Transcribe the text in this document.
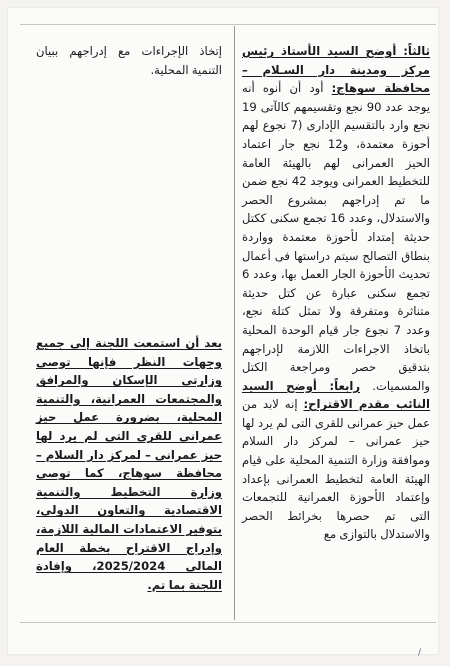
ثالثاً: أوضح السيد الأستاذ رئيس مركز ومدينة دار السـلام – محافظة سوهاج: أود أن أنوه أنه يوجد عدد 90 نجع وتقسيمهم كالآتى 19 نجع وارد بالتقسيم الإدارى (7 نجوع لهم أحوزة معتمدة، و12 نجع جار اعتماد الحيز العمرانى لهم بالهيئة العامة للتخطيط العمرانى ويوجد 42 نجع ضمن ما تم إدراجهم بمشروع الحصر والاستدلال، وعدد 16 تجمع سكنى ككتل حديثة إمتداد لأحوزة معتمدة وواردة بنطاق التصالح سيتم دراستها فى أعمال تحديث الأحوزة الجار العمل بها، وعدد 6 تجمع سكنى عبارة عن كتل حديثة متناثرة ومتفرقة ولا تمثل كتلة نجع، وعدد 7 نجوع جار قيام الوحدة المحلية باتخاذ الاجراءات اللازمة لإدراجهم بتدقيق حصر ومراجعة الكتل والمسميات. رابعاً: أوضح السيد النائب مقدم الاقتراح: إنه لابد من عمل حيز عمرانى للقرى التى لم يرد لها حيز عمرانى – لمركز دار السلام وموافقة وزارة التنمية المحلية على قيام الهيئة العامة لتخطيط العمرانى بإعداد وإعتماد الأحوزة العمرانية للتجمعات التى تم حصرها بخرائط الحصر والاستدلال بالتوازى مع
إتخاذ الإجراءات مع إدراجهم ببيان التنمية المحلية.
بعد أن استمعت اللجنة إلى جميع وجهات النظر فإنها توصى وزارتى الإسكان والمرافق والمجتمعات العمرانية، والتنمية المحلية، بضرورة عمل حيز عمرانى للقرى التى لم يرد لها حيز عمرانى – لمركز دار السلام – محافظة سوهاج، كما توصى وزارة التخطيط والتنمية الاقتصادية والتعاون الدولى، بتوفير الاعتمادات المالية اللازمة، وإدراج الاقتراح بخطة العام المالى 2025/2024، وإفادة اللجنة بما تم.
/
